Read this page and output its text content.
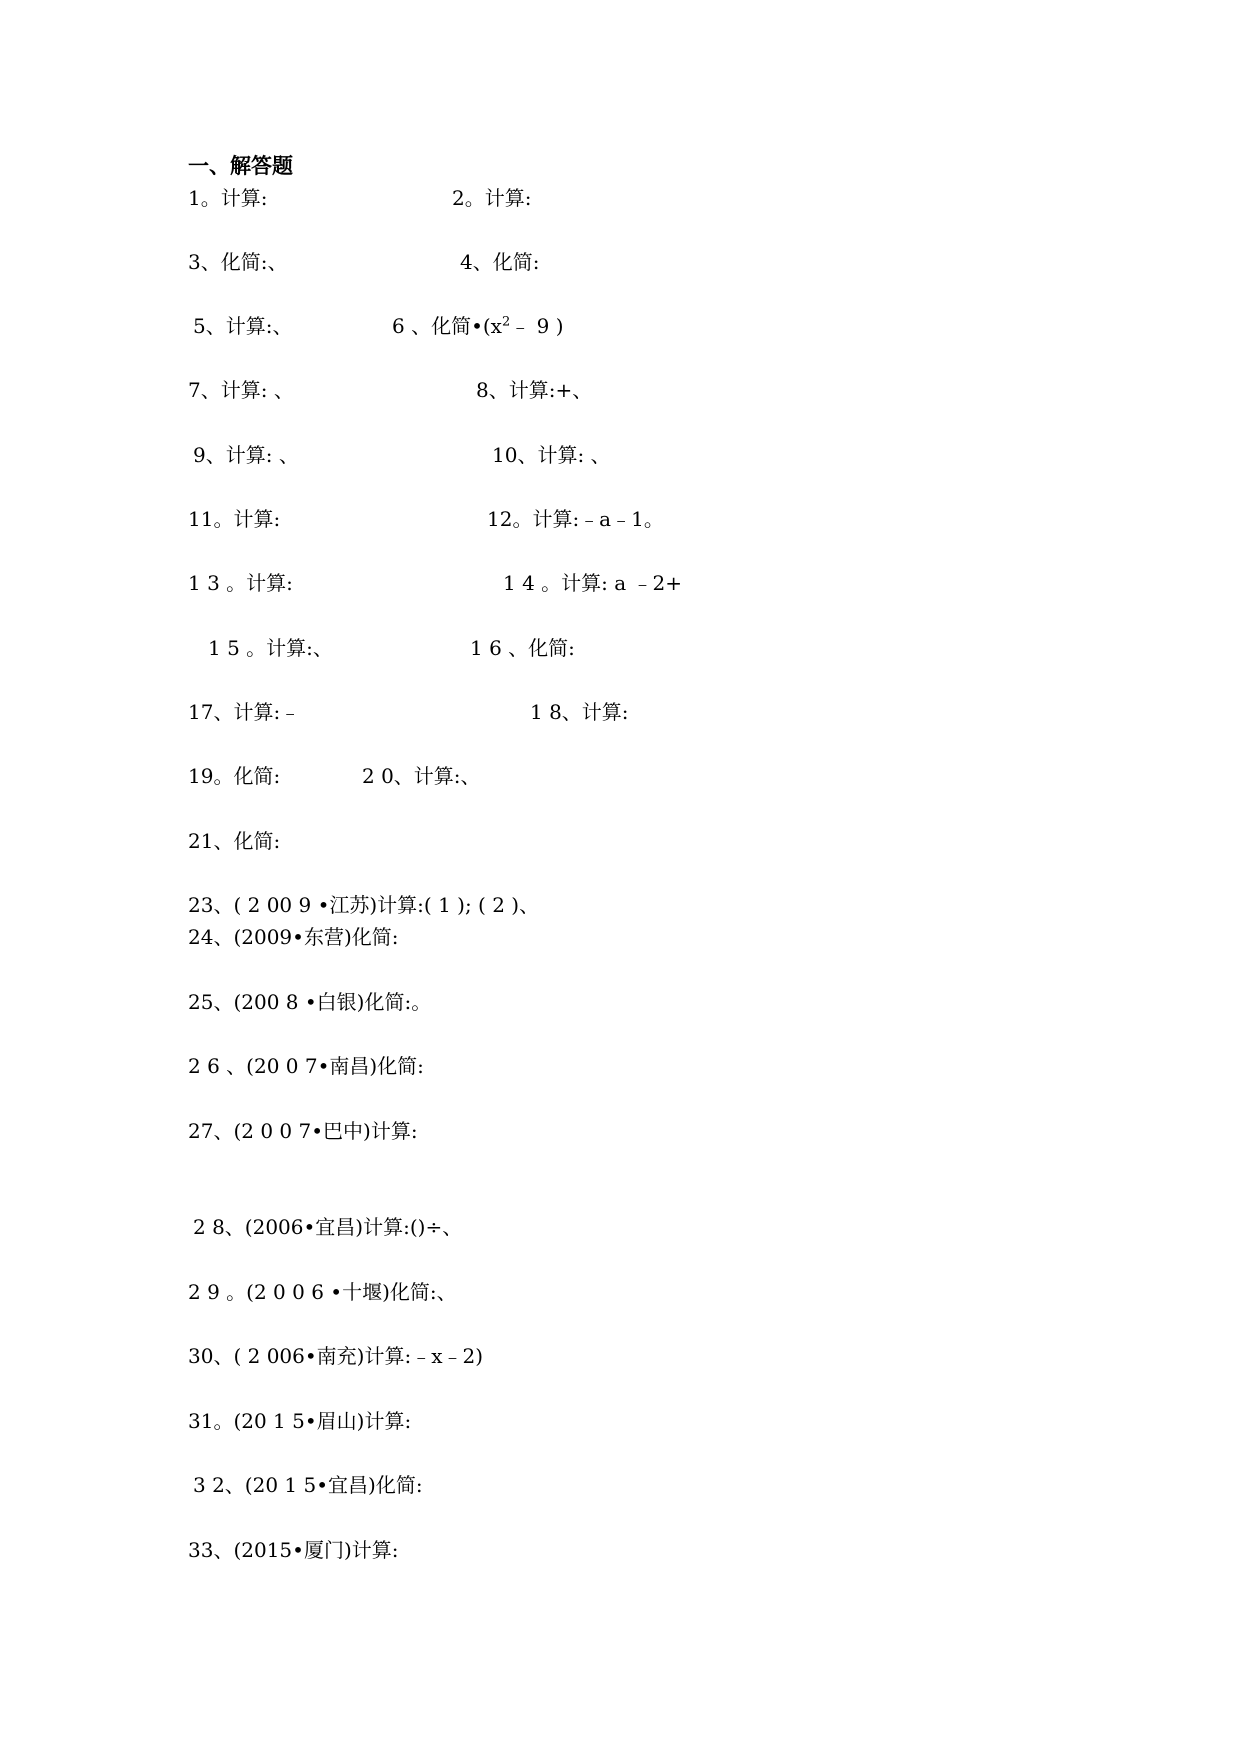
一、解答题
1。计算:	2。计算:
3、化简:、	4、化简:
5、计算:、	6 、化简$•(x^2﹣$ 9 )
7、计算: 、	8、计算:+、
9、计算: 、	10、计算: 、
11。计算:	12。计算:﹣a﹣1。
1 3 。计算:	1 4 。计算: a ﹣2+
1 5 。计算:、	1 6 、化简:
17、计算:﹣	1 8、计算:
19。化简:	2 0、计算:、
21、化简:
23、( 2 00 9 •江苏)计算:( 1 ); ( 2 )、
24、(2009•东营)化简:
25、(200 8 •白银)化简:。
2 6 、(20 0 7•南昌)化简:
27、(2 0 0 7•巴中)计算:
2 8、(2006•宜昌)计算:()÷、
2 9 。(2 0 0 6 •十堰)化简:、
30、( 2 006•南充)计算:﹣x﹣2)
31。(20 1 5•眉山)计算:
3 2、(20 1 5•宜昌)化简:
33、(2015•厦门)计算:
